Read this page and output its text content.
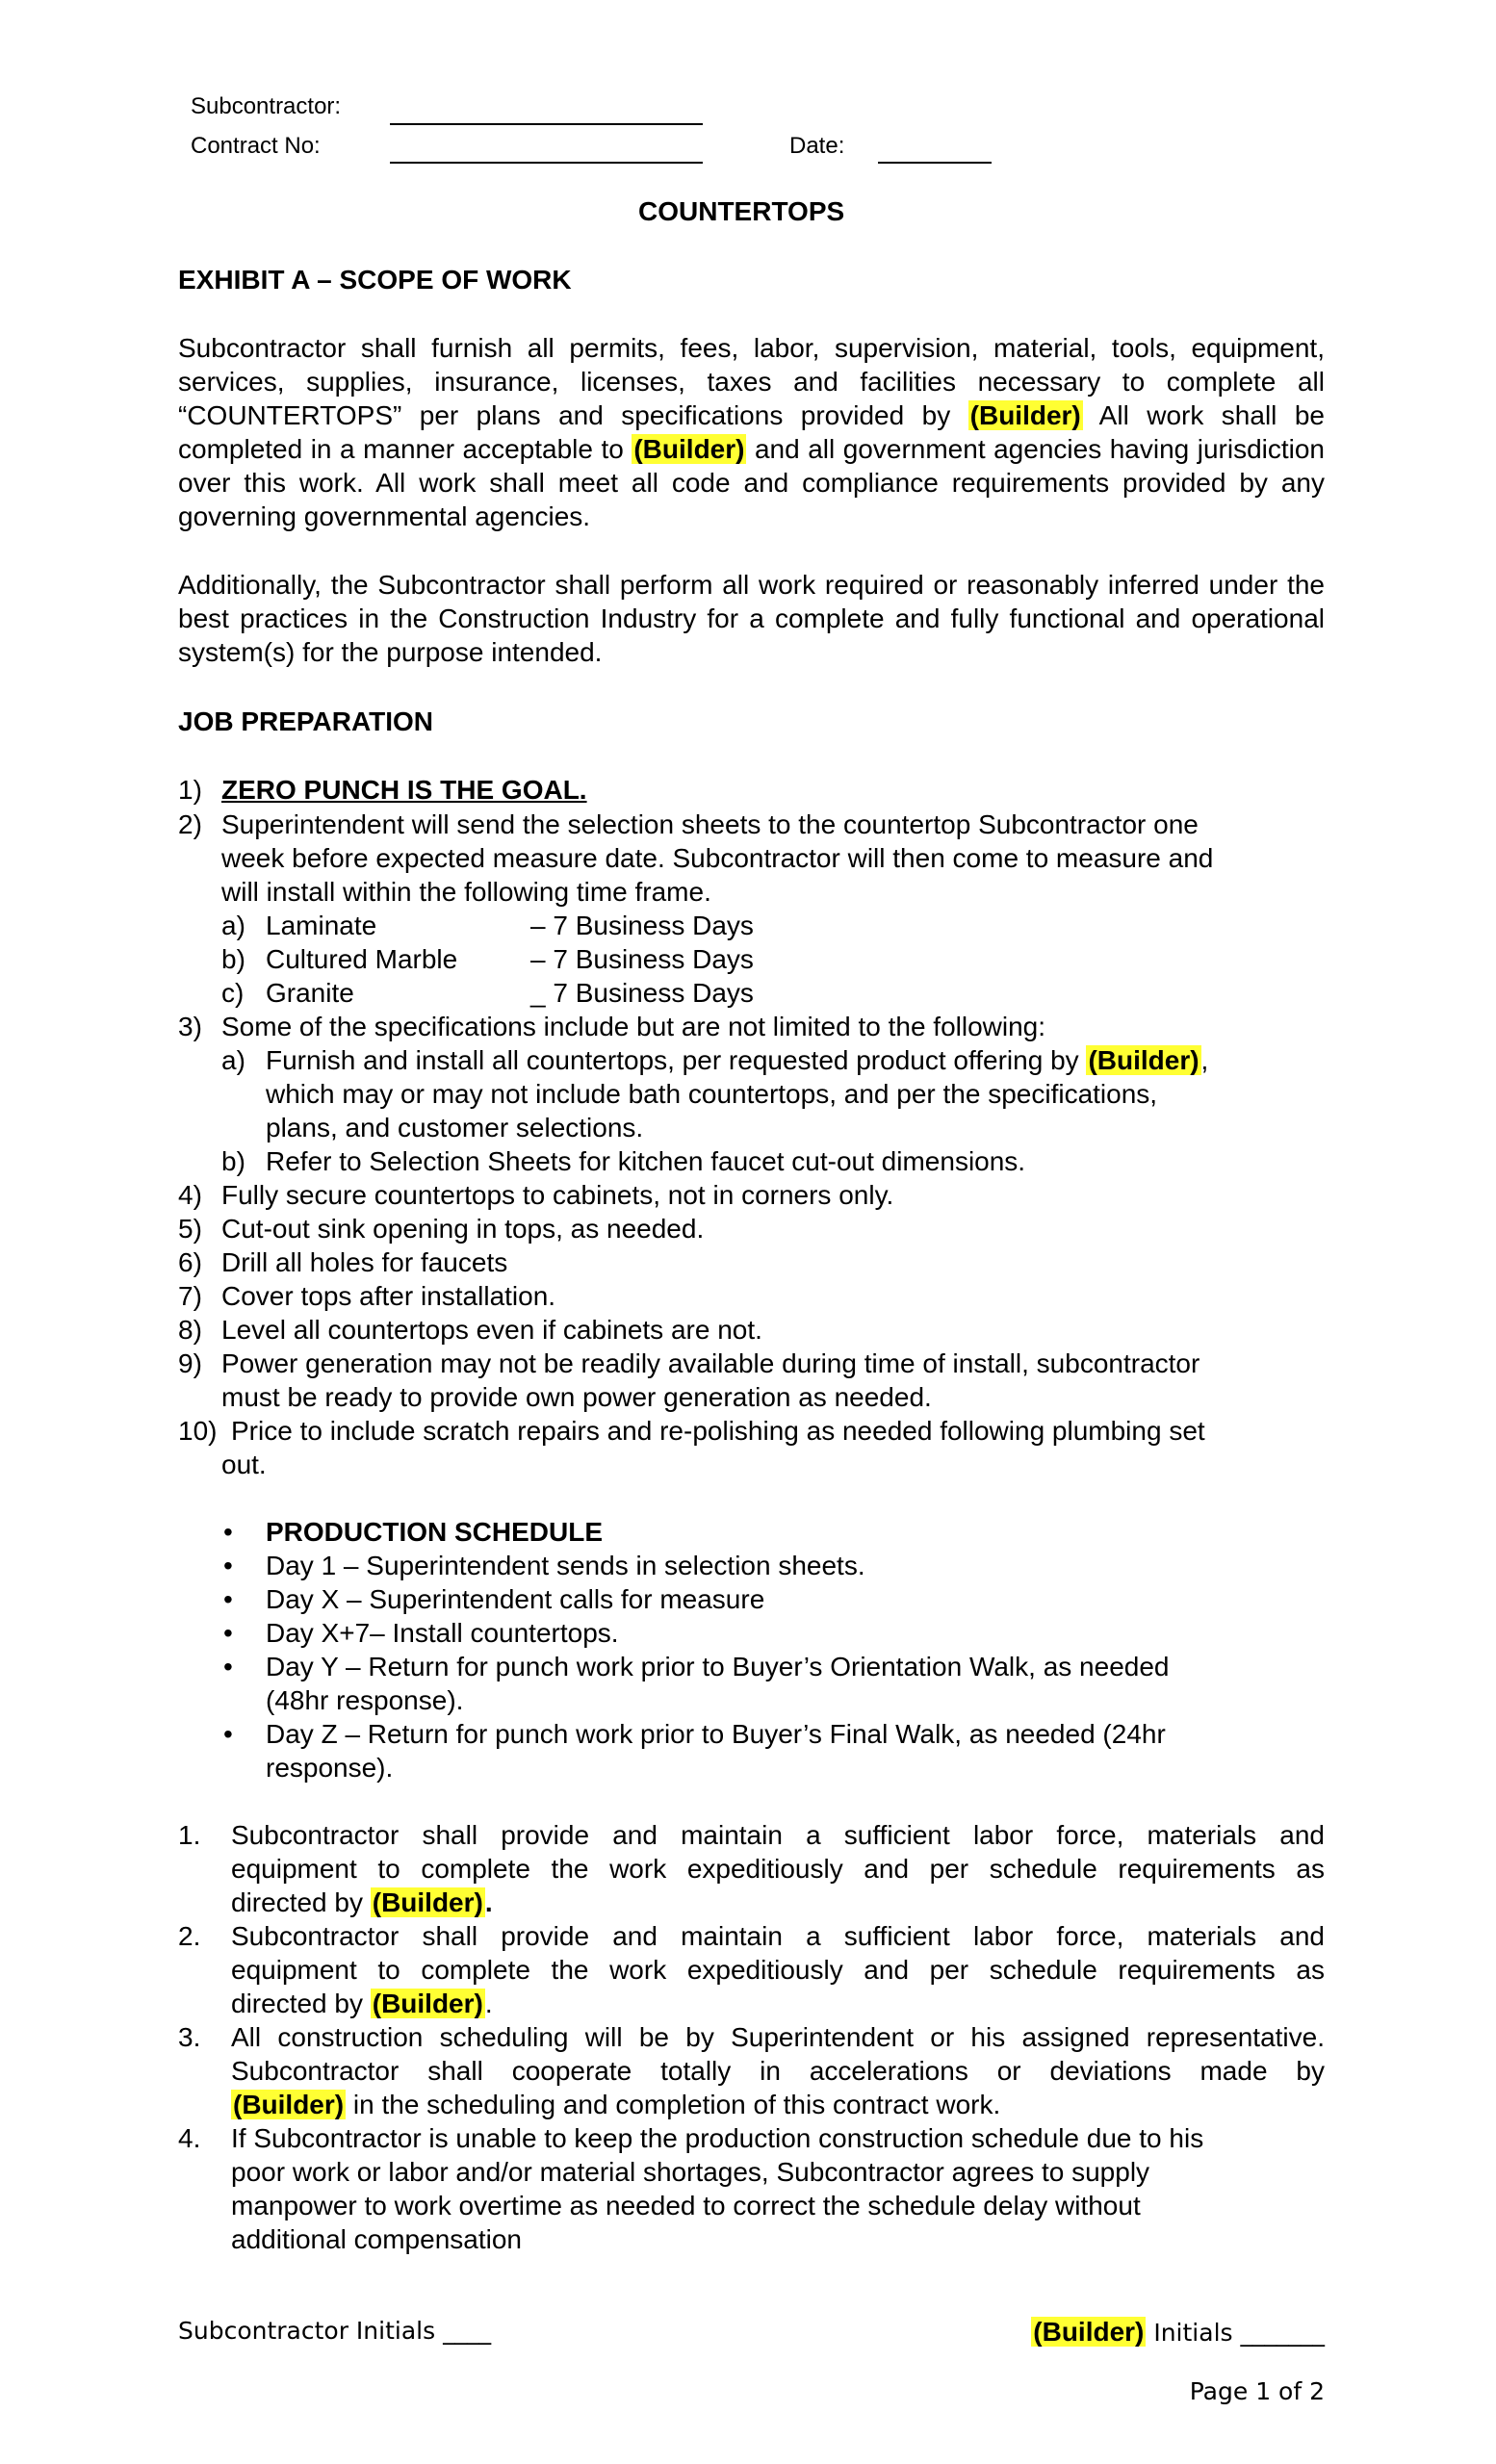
Subcontractor:
Contract No:	Date:
COUNTERTOPS
EXHIBIT A – SCOPE OF WORK
Subcontractor shall furnish all permits, fees, labor, supervision, material, tools, equipment, services, supplies, insurance, licenses, taxes and facilities necessary to complete all “COUNTERTOPS” per plans and specifications provided by (Builder) All work shall be completed in a manner acceptable to (Builder) and all government agencies having jurisdiction over this work. All work shall meet all code and compliance requirements provided by any governing governmental agencies.
Additionally, the Subcontractor shall perform all work required or reasonably inferred under the best practices in the Construction Industry for a complete and fully functional and operational system(s) for the purpose intended.
JOB PREPARATION
1) ZERO PUNCH IS THE GOAL.
2) Superintendent will send the selection sheets to the countertop Subcontractor one
week before expected measure date. Subcontractor will then come to measure and
will install within the following time frame.
a) Laminate	– 7 Business Days
b) Cultured Marble	– 7 Business Days
c) Granite	_ 7 Business Days
3) Some of the specifications include but are not limited to the following:
a) Furnish and install all countertops, per requested product offering by (Builder),
which may or may not include bath countertops, and per the specifications,
plans, and customer selections.
b) Refer to Selection Sheets for kitchen faucet cut-out dimensions.
4) Fully secure countertops to cabinets, not in corners only.
5) Cut-out sink opening in tops, as needed.
6) Drill all holes for faucets
7) Cover tops after installation.
8) Level all countertops even if cabinets are not.
9) Power generation may not be readily available during time of install, subcontractor
must be ready to provide own power generation as needed.
10) Price to include scratch repairs and re-polishing as needed following plumbing set
out.
• PRODUCTION SCHEDULE
• Day 1 – Superintendent sends in selection sheets.
• Day X – Superintendent calls for measure
• Day X+7– Install countertops.
• Day Y – Return for punch work prior to Buyer’s Orientation Walk, as needed
(48hr response).
• Day Z – Return for punch work prior to Buyer’s Final Walk, as needed (24hr
response).
1. Subcontractor shall provide and maintain a sufficient labor force, materials and
equipment to complete the work expeditiously and per schedule requirements as
directed by (Builder).
2. Subcontractor shall provide and maintain a sufficient labor force, materials and
equipment to complete the work expeditiously and per schedule requirements as
directed by (Builder).
3. All construction scheduling will be by Superintendent or his assigned representative.
Subcontractor shall cooperate totally in accelerations or deviations made by
(Builder) in the scheduling and completion of this contract work.
4. If Subcontractor is unable to keep the production construction schedule due to his
poor work or labor and/or material shortages, Subcontractor agrees to supply
manpower to work overtime as needed to correct the schedule delay without
additional compensation
Subcontractor Initials ____	(Builder) Initials _______
Page 1 of 2
